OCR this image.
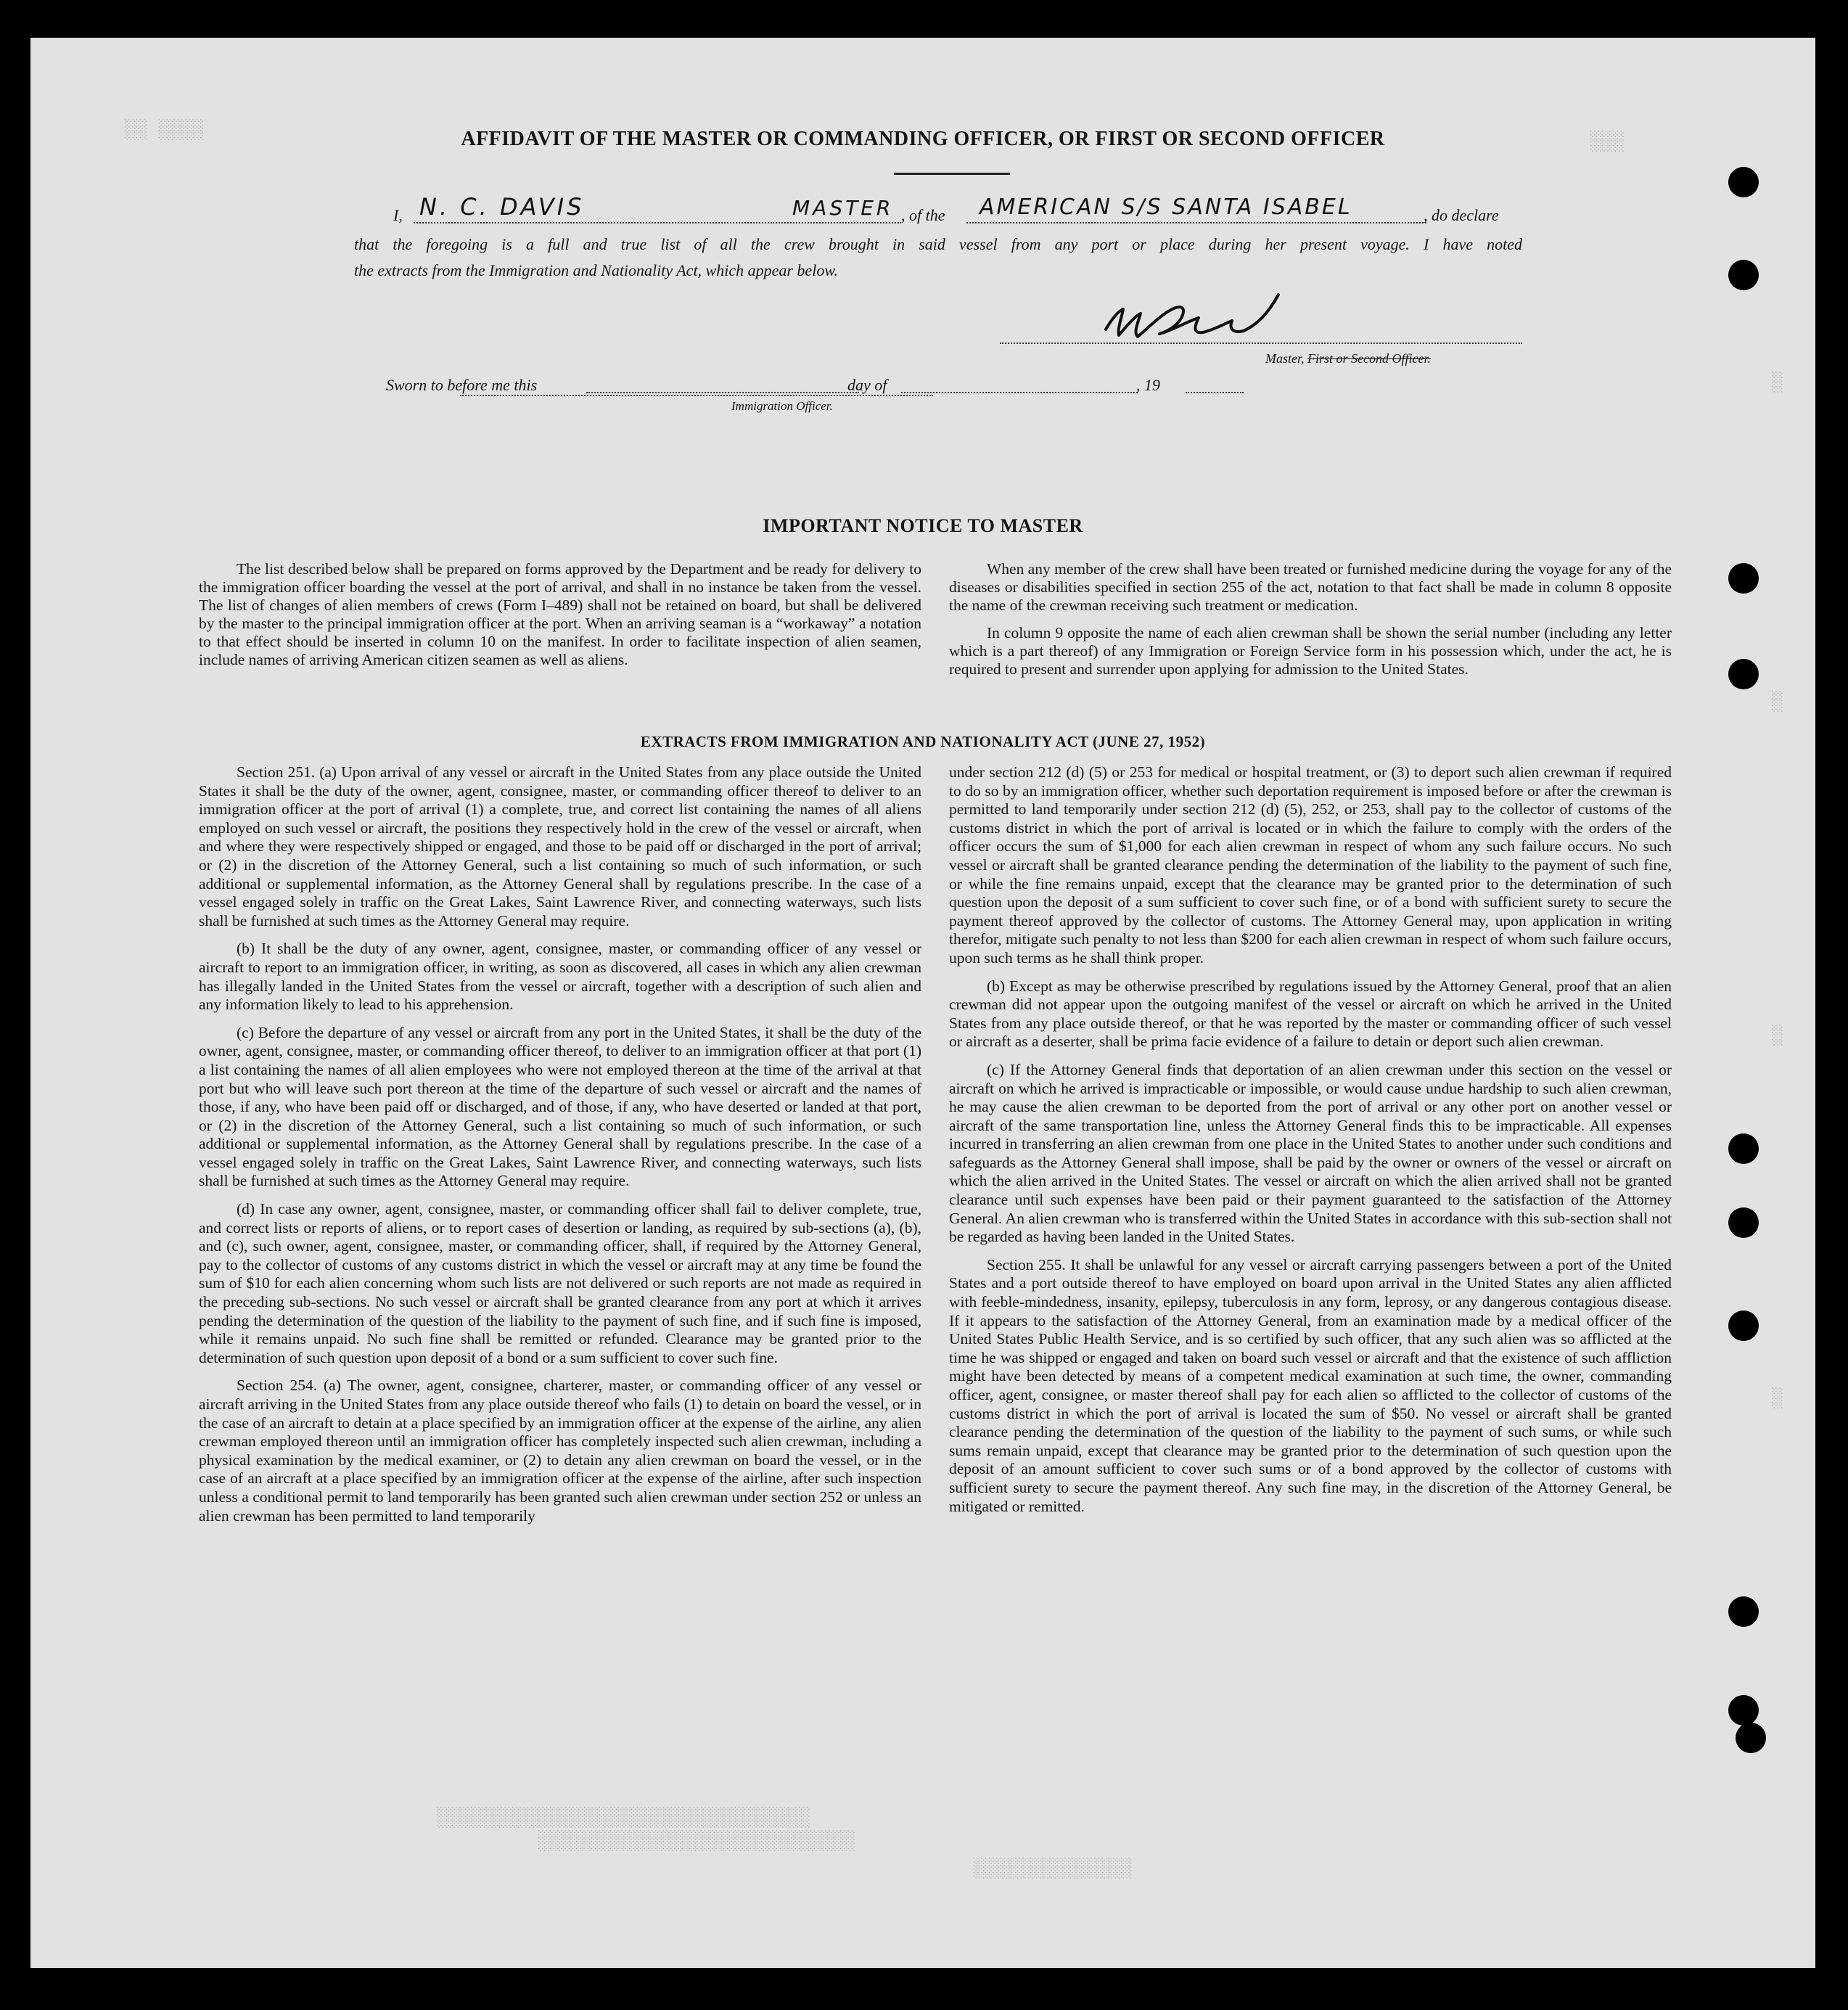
░░ ░░░░
░░░
░
░
░
░
░░░░░░░░░░░░░░░░░░░░░░░░░░░░░░░░░
░░░░░░░░░░░░░░░░░░░░░░░░░░░░
░░░░░░░░░░░░░░
AFFIDAVIT OF THE MASTER OR COMMANDING OFFICER, OR FIRST OR SECOND OFFICER
I, N. C. DAVIS	MASTER , of the AMERICAN S/S SANTA ISABEL	, do declare
that the foregoing is a full and true list of all the crew brought in said vessel from any port or place during her present voyage. I have noted
the extracts from the Immigration and Nationality Act, which appear below.
Master, First or Second Officer.
Sworn to before me this	day of	, 19
Immigration Officer.
IMPORTANT NOTICE TO MASTER

The list described below shall be prepared on forms approved by the Department and be ready for delivery to the immigration officer boarding the vessel at the port of arrival, and shall in no instance be taken from the vessel. The list of changes of alien members of crews (Form I–489) shall not be retained on board, but shall be delivered by the master to the principal immigration officer at the port. When an arriving seaman is a “workaway” a notation to that effect should be inserted in column 10 on the manifest. In order to facilitate inspection of alien seamen, include names of arriving American citizen seamen as well as aliens.

When any member of the crew shall have been treated or furnished medicine during the voyage for any of the diseases or disabilities specified in section 255 of the act, notation to that fact shall be made in column 8 opposite the name of the crewman receiving such treatment or medication.

In column 9 opposite the name of each alien crewman shall be shown the serial number (including any letter which is a part thereof) of any Immigration or Foreign Service form in his possession which, under the act, he is required to present and surrender upon applying for admission to the United States.

EXTRACTS FROM IMMIGRATION AND NATIONALITY ACT (JUNE 27, 1952)

Section 251. (a) Upon arrival of any vessel or aircraft in the United States from any place outside the United States it shall be the duty of the owner, agent, consignee, master, or commanding officer thereof to deliver to an immigration officer at the port of arrival (1) a complete, true, and correct list containing the names of all aliens employed on such vessel or aircraft, the positions they respectively hold in the crew of the vessel or aircraft, when and where they were respectively shipped or engaged, and those to be paid off or discharged in the port of arrival; or (2) in the discretion of the Attorney General, such a list containing so much of such information, or such additional or supplemental information, as the Attorney General shall by regulations prescribe. In the case of a vessel engaged solely in traffic on the Great Lakes, Saint Lawrence River, and connecting waterways, such lists shall be furnished at such times as the Attorney General may require.

(b) It shall be the duty of any owner, agent, consignee, master, or commanding officer of any vessel or aircraft to report to an immigration officer, in writing, as soon as discovered, all cases in which any alien crewman has illegally landed in the United States from the vessel or aircraft, together with a description of such alien and any information likely to lead to his apprehension.

(c) Before the departure of any vessel or aircraft from any port in the United States, it shall be the duty of the owner, agent, consignee, master, or commanding officer thereof, to deliver to an immigration officer at that port (1) a list containing the names of all alien employees who were not employed thereon at the time of the arrival at that port but who will leave such port thereon at the time of the departure of such vessel or aircraft and the names of those, if any, who have been paid off or discharged, and of those, if any, who have deserted or landed at that port, or (2) in the discretion of the Attorney General, such a list containing so much of such information, or such additional or supplemental information, as the Attorney General shall by regulations prescribe. In the case of a vessel engaged solely in traffic on the Great Lakes, Saint Lawrence River, and connecting waterways, such lists shall be furnished at such times as the Attorney General may require.

(d) In case any owner, agent, consignee, master, or commanding officer shall fail to deliver complete, true, and correct lists or reports of aliens, or to report cases of desertion or landing, as required by sub-sections (a), (b), and (c), such owner, agent, consignee, master, or commanding officer, shall, if required by the Attorney General, pay to the collector of customs of any customs district in which the vessel or aircraft may at any time be found the sum of $10 for each alien concerning whom such lists are not delivered or such reports are not made as required in the preceding sub-sections. No such vessel or aircraft shall be granted clearance from any port at which it arrives pending the determination of the question of the liability to the payment of such fine, and if such fine is imposed, while it remains unpaid. No such fine shall be remitted or refunded. Clearance may be granted prior to the determination of such question upon deposit of a bond or a sum sufficient to cover such fine.

Section 254. (a) The owner, agent, consignee, charterer, master, or commanding officer of any vessel or aircraft arriving in the United States from any place outside thereof who fails (1) to detain on board the vessel, or in the case of an aircraft to detain at a place specified by an immigration officer at the expense of the airline, any alien crewman employed thereon until an immigration officer has completely inspected such alien crewman, including a physical examination by the medical examiner, or (2) to detain any alien crewman on board the vessel, or in the case of an aircraft at a place specified by an immigration officer at the expense of the airline, after such inspection unless a conditional permit to land temporarily has been granted such alien crewman under section 252 or unless an alien crewman has been permitted to land temporarily

under section 212 (d) (5) or 253 for medical or hospital treatment, or (3) to deport such alien crewman if required to do so by an immigration officer, whether such deportation requirement is imposed before or after the crewman is permitted to land temporarily under section 212 (d) (5), 252, or 253, shall pay to the collector of customs of the customs district in which the port of arrival is located or in which the failure to comply with the orders of the officer occurs the sum of $1,000 for each alien crewman in respect of whom any such failure occurs. No such vessel or aircraft shall be granted clearance pending the determination of the liability to the payment of such fine, or while the fine remains unpaid, except that the clearance may be granted prior to the determination of such question upon the deposit of a sum sufficient to cover such fine, or of a bond with sufficient surety to secure the payment thereof approved by the collector of customs. The Attorney General may, upon application in writing therefor, mitigate such penalty to not less than $200 for each alien crewman in respect of whom such failure occurs, upon such terms as he shall think proper.

(b) Except as may be otherwise prescribed by regulations issued by the Attorney General, proof that an alien crewman did not appear upon the outgoing manifest of the vessel or aircraft on which he arrived in the United States from any place outside thereof, or that he was reported by the master or commanding officer of such vessel or aircraft as a deserter, shall be prima facie evidence of a failure to detain or deport such alien crewman.

(c) If the Attorney General finds that deportation of an alien crewman under this section on the vessel or aircraft on which he arrived is impracticable or impossible, or would cause undue hardship to such alien crewman, he may cause the alien crewman to be deported from the port of arrival or any other port on another vessel or aircraft of the same transportation line, unless the Attorney General finds this to be impracticable. All expenses incurred in transferring an alien crewman from one place in the United States to another under such conditions and safeguards as the Attorney General shall impose, shall be paid by the owner or owners of the vessel or aircraft on which the alien arrived in the United States. The vessel or aircraft on which the alien arrived shall not be granted clearance until such expenses have been paid or their payment guaranteed to the satisfaction of the Attorney General. An alien crewman who is transferred within the United States in accordance with this sub-section shall not be regarded as having been landed in the United States.

Section 255. It shall be unlawful for any vessel or aircraft carrying passengers between a port of the United States and a port outside thereof to have employed on board upon arrival in the United States any alien afflicted with feeble-mindedness, insanity, epilepsy, tuberculosis in any form, leprosy, or any dangerous contagious disease. If it appears to the satisfaction of the Attorney General, from an examination made by a medical officer of the United States Public Health Service, and is so certified by such officer, that any such alien was so afflicted at the time he was shipped or engaged and taken on board such vessel or aircraft and that the existence of such affliction might have been detected by means of a competent medical examination at such time, the owner, commanding officer, agent, consignee, or master thereof shall pay for each alien so afflicted to the collector of customs of the customs district in which the port of arrival is located the sum of $50. No vessel or aircraft shall be granted clearance pending the determination of the question of the liability to the payment of such sums, or while such sums remain unpaid, except that clearance may be granted prior to the determination of such question upon the deposit of an amount sufficient to cover such sums or of a bond approved by the collector of customs with sufficient surety to secure the payment thereof. Any such fine may, in the discretion of the Attorney General, be mitigated or remitted.
